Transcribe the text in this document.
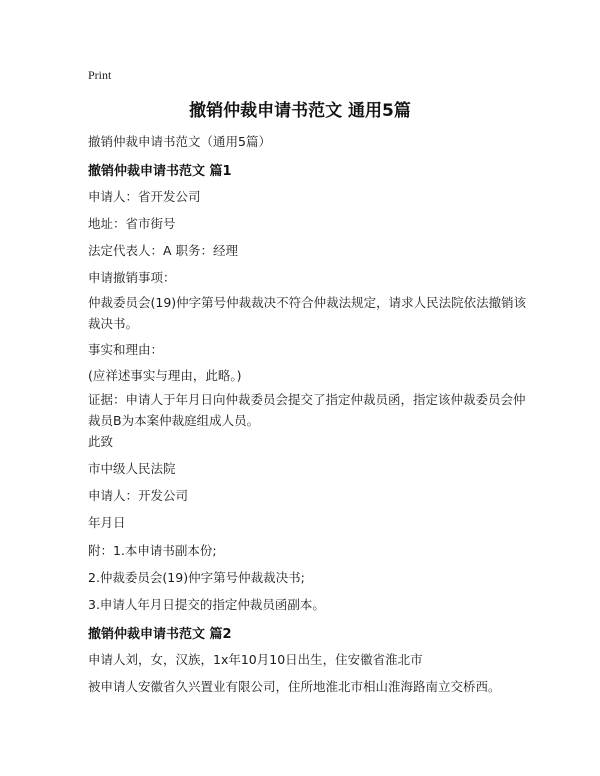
Print
撤销仲裁申请书范文 通用5篇
撤销仲裁申请书范文（通用5篇）
撤销仲裁申请书范文 篇1
申请人：省开发公司
地址：省市街号
法定代表人：A 职务：经理
申请撤销事项：
仲裁委员会(19)仲字第号仲裁裁决不符合仲裁法规定，请求人民法院依法撤销该裁决书。
事实和理由：
(应祥述事实与理由，此略。)
证据：申请人于年月日向仲裁委员会提交了指定仲裁员函，指定该仲裁委员会仲裁员B为本案仲裁庭组成人员。
此致
市中级人民法院
申请人：开发公司
年月日
附：1.本申请书副本份;
2.仲裁委员会(19)仲字第号仲裁裁决书;
3.申请人年月日提交的指定仲裁员函副本。
撤销仲裁申请书范文 篇2
申请人刘，女，汉族，1x年10月10日出生，住安徽省淮北市
被申请人安徽省久兴置业有限公司，住所地淮北市相山淮海路南立交桥西。
